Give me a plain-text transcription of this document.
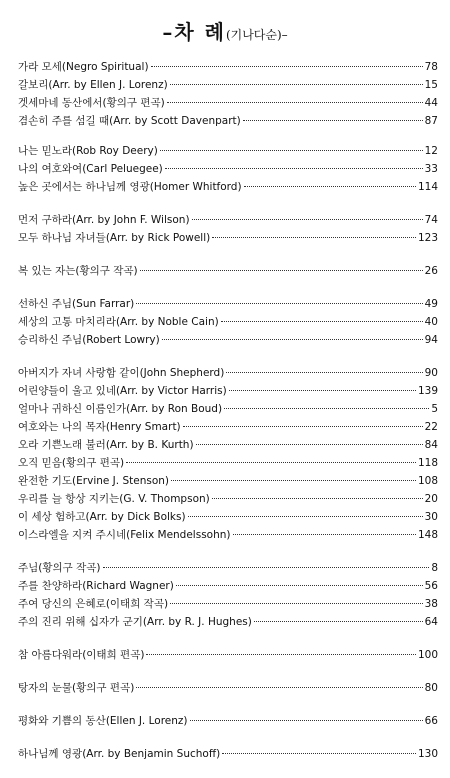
–차 례(기나다순)–
가라 모세(Negro Spiritual)	78
갈보리(Arr. by Ellen J. Lorenz)	15
겟세마네 동산에서(황의구 편곡)	44
겸손히 주를 섬길 때(Arr. by Scott Davenpart)	87
나는 믿노라(Rob Roy Deery)	12
나의 여호와여(Carl Peluegee)	33
높은 곳에서는 하나님께 영광(Homer Whitford)	114
먼저 구하라(Arr. by John F. Wilson)	74
모두 하나님 자녀들(Arr. by Rick Powell)	123
복 있는 자는(황의구 작곡)	26
선하신 주님(Sun Farrar)	49
세상의 고통 마치리라(Arr. by Noble Cain)	40
승리하신 주님(Robert Lowry)	94
아버지가 자녀 사랑함 같이(John Shepherd)	90
어린양들이 울고 있네(Arr. by Victor Harris)	139
얼마나 귀하신 이름인가(Arr. by Ron Boud)	5
여호와는 나의 목자(Henry Smart)	22
오라 기쁜노래 불러(Arr. by B. Kurth)	84
오직 믿음(황의구 편곡)	118
완전한 기도(Ervine J. Stenson)	108
우리를 늘 항상 지키는(G. V. Thompson)	20
이 세상 험하고(Arr. by Dick Bolks)	30
이스라엘을 지켜 주시네(Felix Mendelssohn)	148
주님(황의구 작곡)	8
주를 찬양하라(Richard Wagner)	56
주여 당신의 은혜로(이태희 작곡)	38
주의 진리 위해 십자가 군기(Arr. by R. J. Hughes)	64
참 아름다워라(이태희 편곡)	100
탕자의 눈물(황의구 편곡)	80
평화와 기쁨의 동산(Ellen J. Lorenz)	66
하나님께 영광(Arr. by Benjamin Suchoff)	130
